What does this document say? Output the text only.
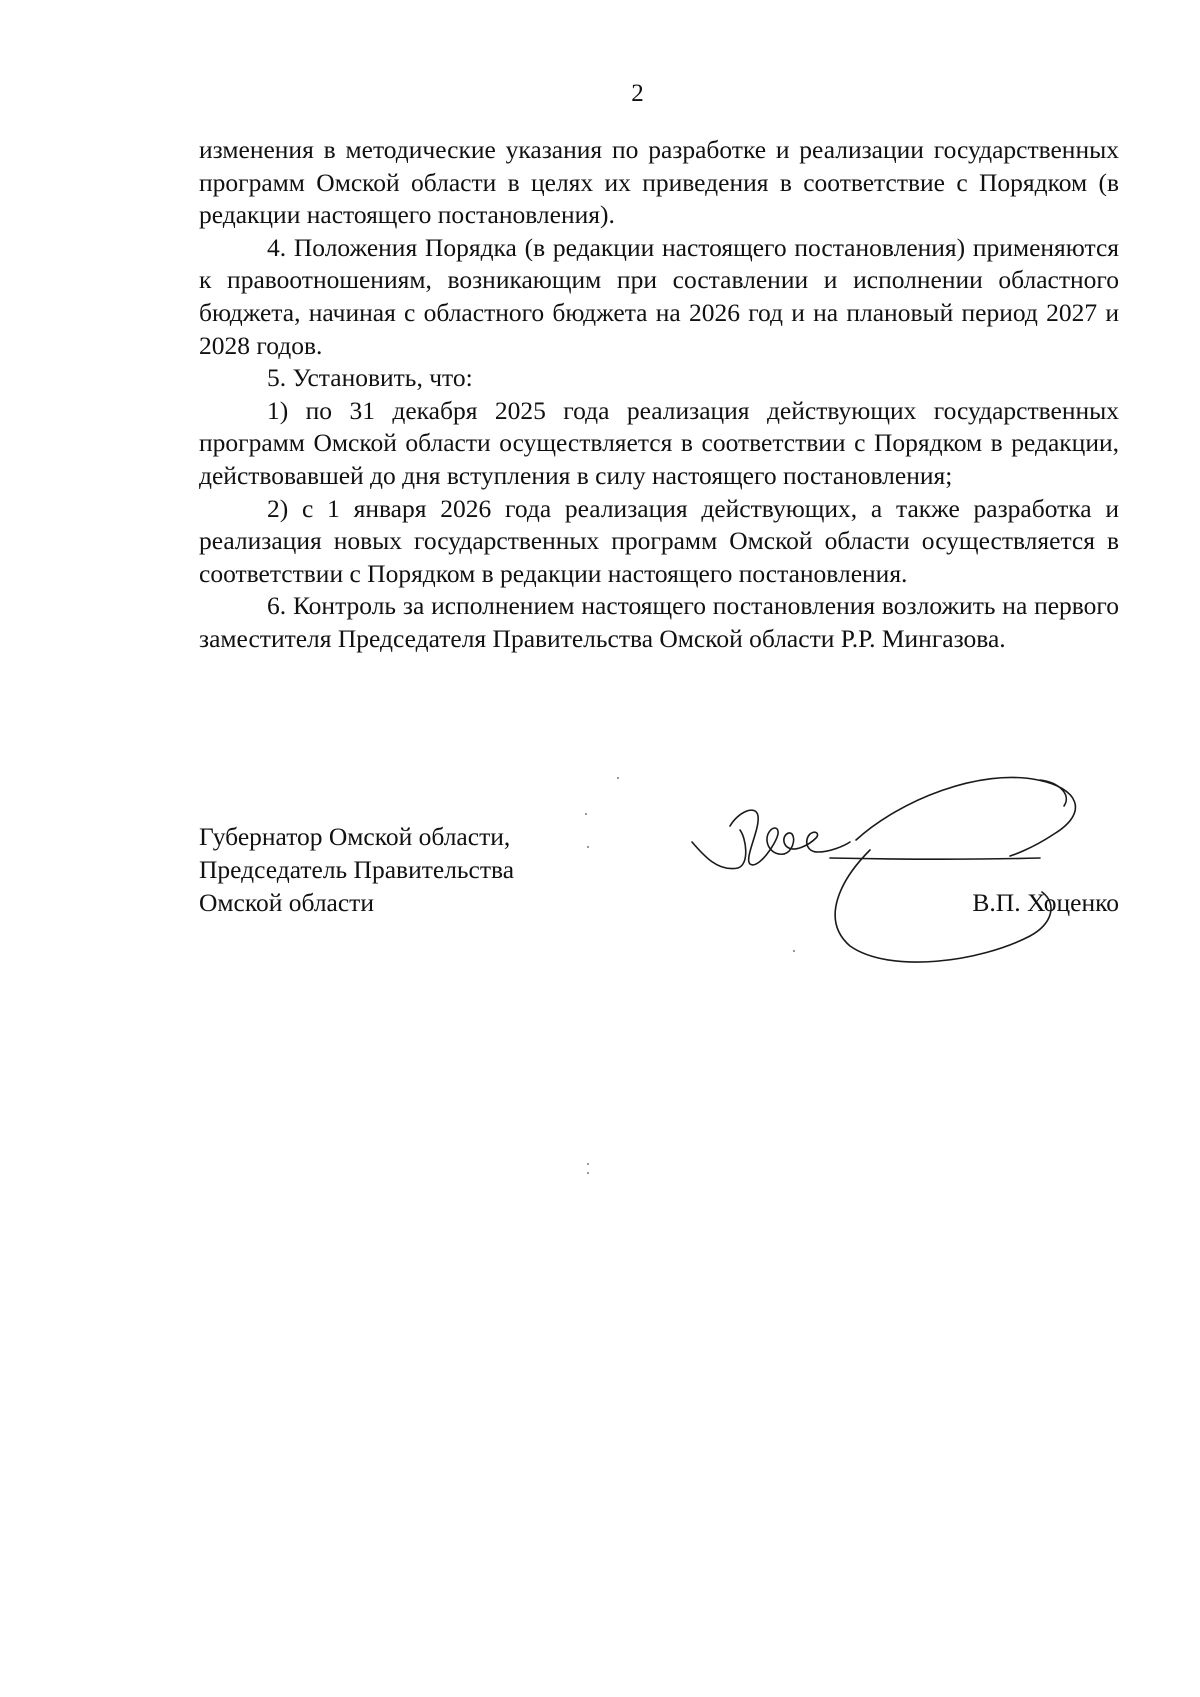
2

изменения в методические указания по разработке и реализации государственных программ Омской области в целях их приведения в соответствие с Порядком (в редакции настоящего постановления).

4. Положения Порядка (в редакции настоящего постановления) применяются к правоотношениям, возникающим при составлении и исполнении областного бюджета, начиная с областного бюджета на 2026 год и на плановый период 2027 и 2028 годов.

5. Установить, что:

1) по 31 декабря 2025 года реализация действующих государственных программ Омской области осуществляется в соответствии с Порядком в редакции, действовавшей до дня вступления в силу настоящего постановления;

2) с 1 января 2026 года реализация действующих, а также разработка и реализация новых государственных программ Омской области осуществляется в соответствии с Порядком в редакции настоящего постановления.

6. Контроль за исполнением настоящего постановления возложить на первого заместителя Председателя Правительства Омской области Р.Р. Мингазова.

Губернатор Омской области,
Председатель Правительства
Омской области	В.П. Хоценко
